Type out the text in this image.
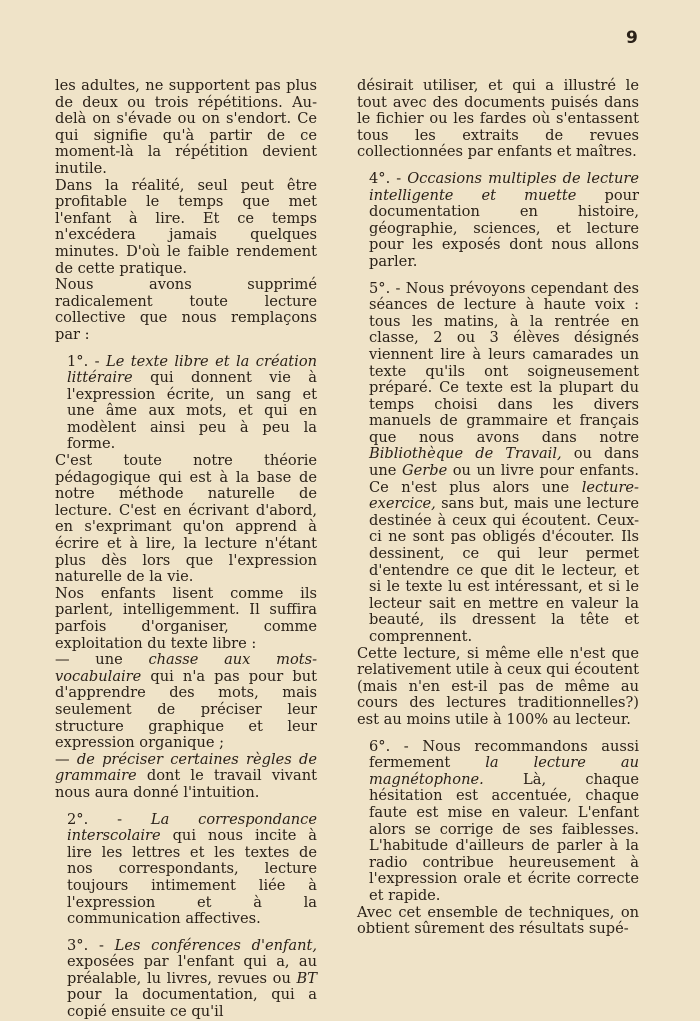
9

les adultes, ne supportent pas plus de deux ou trois répétitions. Au-delà on s'évade ou on s'endort. Ce qui signifie qu'à partir de ce moment-là la répétition devient inutile.

Dans la réalité, seul peut être profitable le temps que met l'enfant à lire. Et ce temps n'excédera jamais quelques minutes. D'où le faible rendement de cette pratique.

Nous avons supprimé radicalement toute lecture collective que nous remplaçons par :

1°. - Le texte libre et la création littéraire qui donnent vie à l'expression écrite, un sang et une âme aux mots, et qui en modèlent ainsi peu à peu la forme.

C'est toute notre théorie pédagogique qui est à la base de notre méthode naturelle de lecture. C'est en écrivant d'abord, en s'exprimant qu'on apprend à écrire et à lire, la lecture n'étant plus dès lors que l'expression naturelle de la vie.

Nos enfants lisent comme ils parlent, intelligemment. Il suffira parfois d'organiser, comme exploitation du texte libre :

— une chasse aux mots-vocabulaire qui n'a pas pour but d'apprendre des mots, mais seulement de préciser leur structure graphique et leur expression organique ;

— de préciser certaines règles de grammaire dont le travail vivant nous aura donné l'intuition.

2°. - La correspondance interscolaire qui nous incite à lire les lettres et les textes de nos correspondants, lecture toujours intimement liée à l'expression et à la communication affectives.

3°. - Les conférences d'enfant, exposées par l'enfant qui a, au préalable, lu livres, revues ou BT pour la documentation, qui a copié ensuite ce qu'il

désirait utiliser, et qui a illustré le tout avec des documents puisés dans le fichier ou les fardes où s'entassent tous les extraits de revues collectionnées par enfants et maîtres.

4°. - Occasions multiples de lecture intelligente et muette pour documentation en histoire, géographie, sciences, et lecture pour les exposés dont nous allons parler.

5°. - Nous prévoyons cependant des séances de lecture à haute voix : tous les matins, à la rentrée en classe, 2 ou 3 élèves désignés viennent lire à leurs camarades un texte qu'ils ont soigneusement préparé. Ce texte est la plupart du temps choisi dans les divers manuels de grammaire et français que nous avons dans notre Bibliothèque de Travail, ou dans une Gerbe ou un livre pour enfants. Ce n'est plus alors une lecture-exercice, sans but, mais une lecture destinée à ceux qui écoutent. Ceux-ci ne sont pas obligés d'écouter. Ils dessinent, ce qui leur permet d'entendre ce que dit le lecteur, et si le texte lu est intéressant, et si le lecteur sait en mettre en valeur la beauté, ils dressent la tête et comprennent.

Cette lecture, si même elle n'est que relativement utile à ceux qui écoutent (mais n'en est-il pas de même au cours des lectures traditionnelles?) est au moins utile à 100% au lecteur.

6°. - Nous recommandons aussi fermement la lecture au magnétophone.	Là, chaque hésitation est accentuée, chaque faute est mise en valeur. L'enfant alors se corrige de ses faiblesses. L'habitude d'ailleurs de parler à la radio contribue heureusement à l'expression orale et écrite correcte et rapide.

Avec cet ensemble de techniques, on obtient sûrement des résultats supé-
